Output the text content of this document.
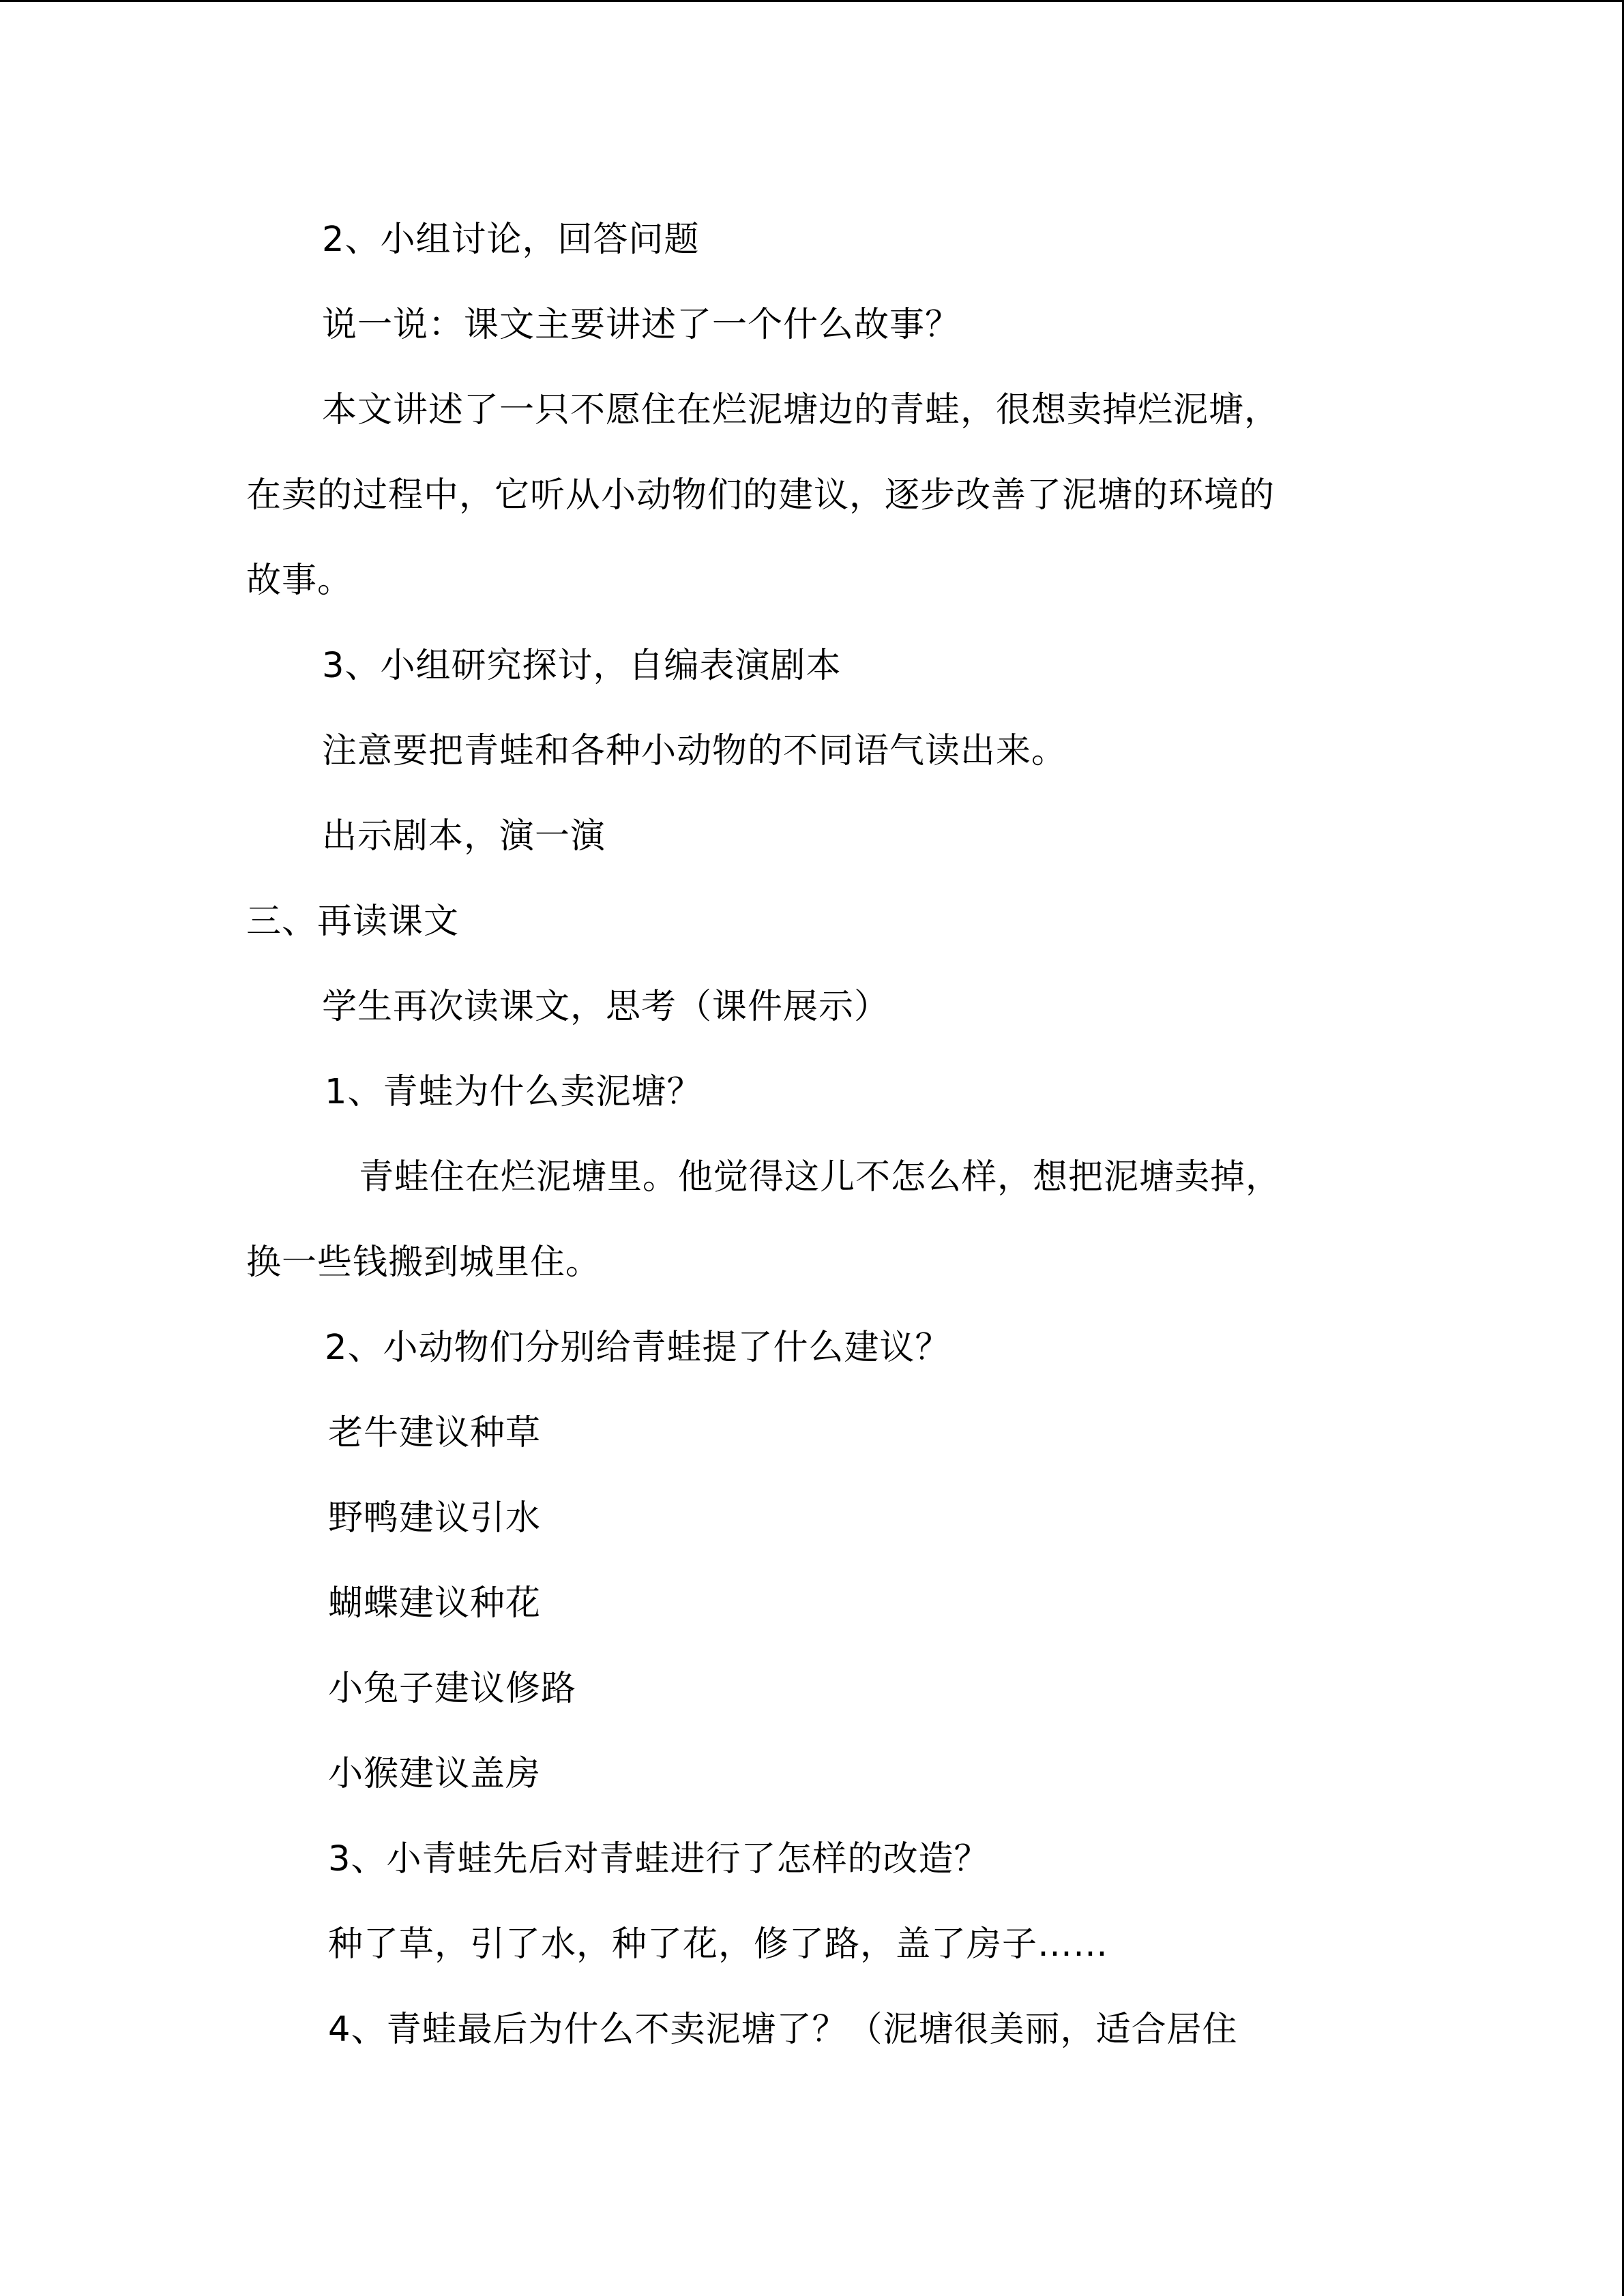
2、小组讨论，回答问题
说一说：课文主要讲述了一个什么故事？
本文讲述了一只不愿住在烂泥塘边的青蛙，很想卖掉烂泥塘，
在卖的过程中，它听从小动物们的建议，逐步改善了泥塘的环境的
故事。
3、小组研究探讨，自编表演剧本
注意要把青蛙和各种小动物的不同语气读出来。
出示剧本，演一演
三、再读课文
学生再次读课文，思考（课件展示）
1、青蛙为什么卖泥塘？
青蛙住在烂泥塘里。他觉得这儿不怎么样，想把泥塘卖掉，
换一些钱搬到城里住。
2、小动物们分别给青蛙提了什么建议？
老牛建议种草
野鸭建议引水
蝴蝶建议种花
小兔子建议修路
小猴建议盖房
3、小青蛙先后对青蛙进行了怎样的改造？
种了草，引了水，种了花，修了路，盖了房子……
4、青蛙最后为什么不卖泥塘了？（泥塘很美丽，适合居住
